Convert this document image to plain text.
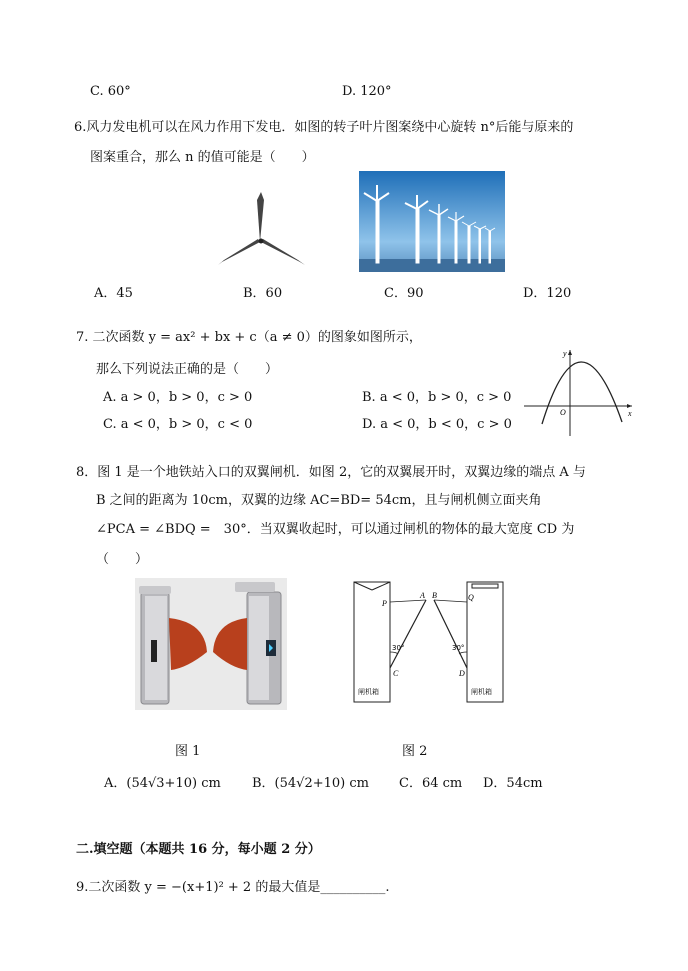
C. 60°	D. 120°
6.风力发电机可以在风力作用下发电．如图的转子叶片图案绕中心旋转 n°后能与原来的
图案重合，那么 n 的值可能是（　　）
A．45	B．60	C．90	D．120
7. 二次函数 y = ax² + bx + c（a ≠ 0）的图象如图所示，
那么下列说法正确的是（　　）
A. a > 0，b > 0，c > 0	B. a < 0，b > 0，c > 0
C. a < 0，b > 0，c < 0	D. a < 0，b < 0，c > 0
y
x
O
8．图 1 是一个地铁站入口的双翼闸机．如图 2，它的双翼展开时，双翼边缘的端点 A 与
B 之间的距离为 10cm，双翼的边缘 AC=BD= 54cm，且与闸机侧立面夹角
∠PCA = ∠BDQ =　30°．当双翼收起时，可以通过闸机的物体的最大宽度 CD 为
（　　）
P
A B	Q
C	D
30°	30°
闸机箱	闸机箱
图 1	图 2
A．(54√3+10) cm B．(54√2+10) cm C．64 cm D．54cm
二.填空题（本题共 16 分，每小题 2 分）
9.二次函数 y = −(x+1)² + 2 的最大值是__________.
